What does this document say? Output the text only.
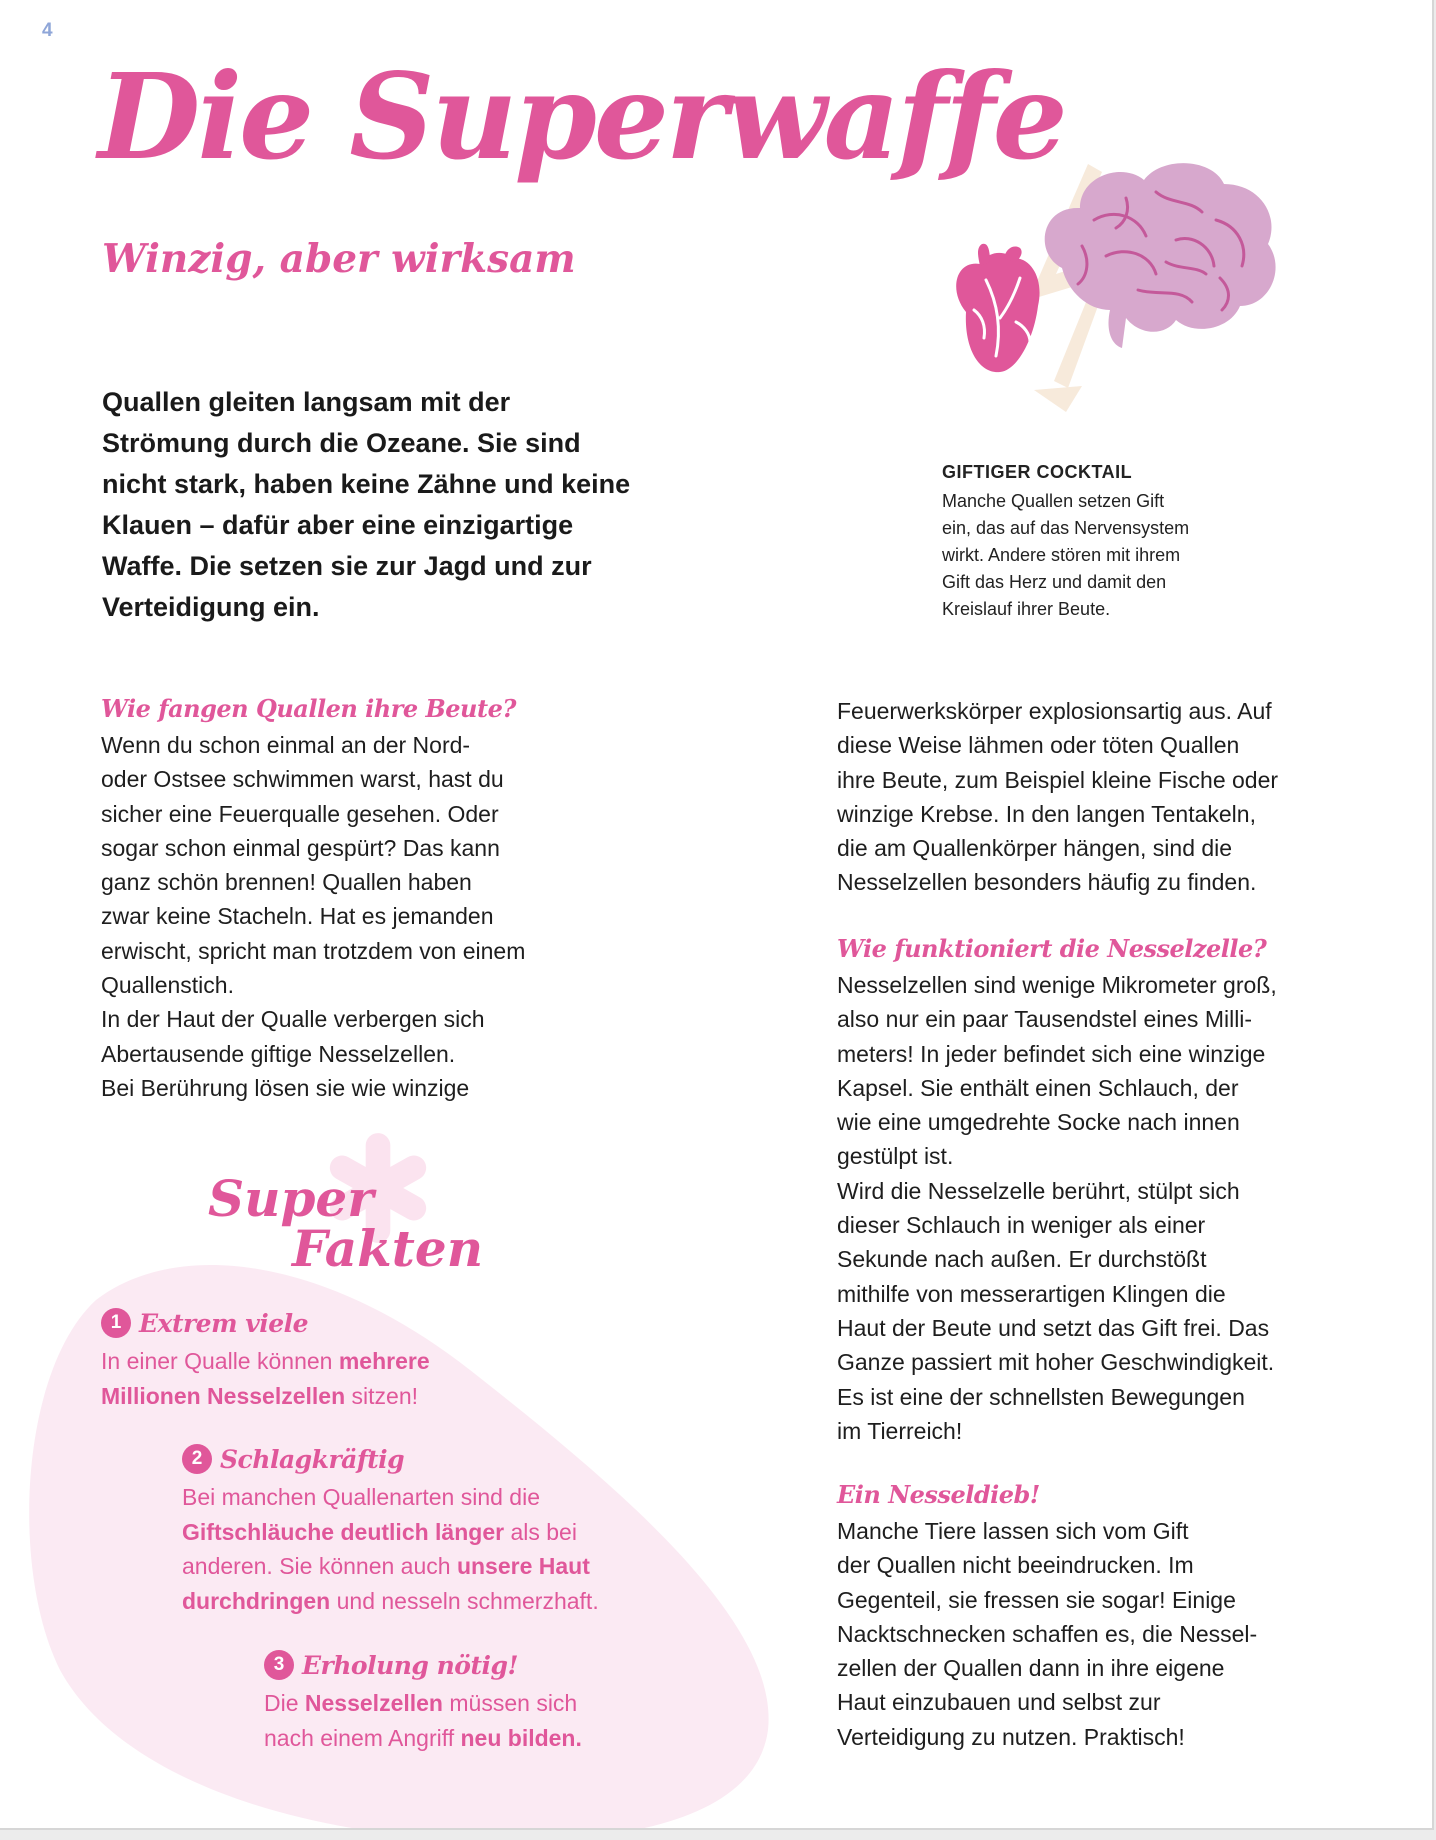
4
Die Superwaffe
Winzig, aber wirksam
Quallen gleiten langsam mit der
Strömung durch die Ozeane. Sie sind
nicht stark, haben keine Zähne und keine
Klauen – dafür aber eine einzigartige
Waffe. Die setzen sie zur Jagd und zur
Verteidigung ein.
GIFTIGER COCKTAIL
Manche Quallen setzen Gift
ein, das auf das Nervensystem
wirkt. Andere stören mit ihrem
Gift das Herz und damit den
Kreislauf ihrer Beute.
Wie fangen Quallen ihre Beute?
Wenn du schon einmal an der Nord-
oder Ostsee schwimmen warst, hast du
sicher eine Feuerqualle gesehen. Oder
sogar schon einmal gespürt? Das kann
ganz schön brennen! Quallen haben
zwar keine Stacheln. Hat es jemanden
erwischt, spricht man trotzdem von einem
Quallenstich.
In der Haut der Qualle verbergen sich
Abertausende giftige Nesselzellen.
Bei Berührung lösen sie wie winzige
Super
Fakten
1 Extrem viele
In einer Qualle können mehrere
Millionen Nesselzellen sitzen!
2 Schlagkräftig
Bei manchen Quallenarten sind die
Giftschläuche deutlich länger als bei
anderen. Sie können auch unsere Haut
durchdringen und nesseln schmerzhaft.
3 Erholung nötig!
Die Nesselzellen müssen sich
nach einem Angriff neu bilden.
Feuerwerkskörper explosionsartig aus. Auf
diese Weise lähmen oder töten Quallen
ihre Beute, zum Beispiel kleine Fische oder
winzige Krebse. In den langen Tentakeln,
die am Quallenkörper hängen, sind die
Nesselzellen besonders häufig zu finden.
Wie funktioniert die Nesselzelle?
Nesselzellen sind wenige Mikrometer groß,
also nur ein paar Tausendstel eines Milli-
meters! In jeder befindet sich eine winzige
Kapsel. Sie enthält einen Schlauch, der
wie eine umgedrehte Socke nach innen
gestülpt ist.
Wird die Nesselzelle berührt, stülpt sich
dieser Schlauch in weniger als einer
Sekunde nach außen. Er durchstößt
mithilfe von messerartigen Klingen die
Haut der Beute und setzt das Gift frei. Das
Ganze passiert mit hoher Geschwindigkeit.
Es ist eine der schnellsten Bewegungen
im Tierreich!
Ein Nesseldieb!
Manche Tiere lassen sich vom Gift
der Quallen nicht beeindrucken. Im
Gegenteil, sie fressen sie sogar! Einige
Nacktschnecken schaffen es, die Nessel-
zellen der Quallen dann in ihre eigene
Haut einzubauen und selbst zur
Verteidigung zu nutzen. Praktisch!
